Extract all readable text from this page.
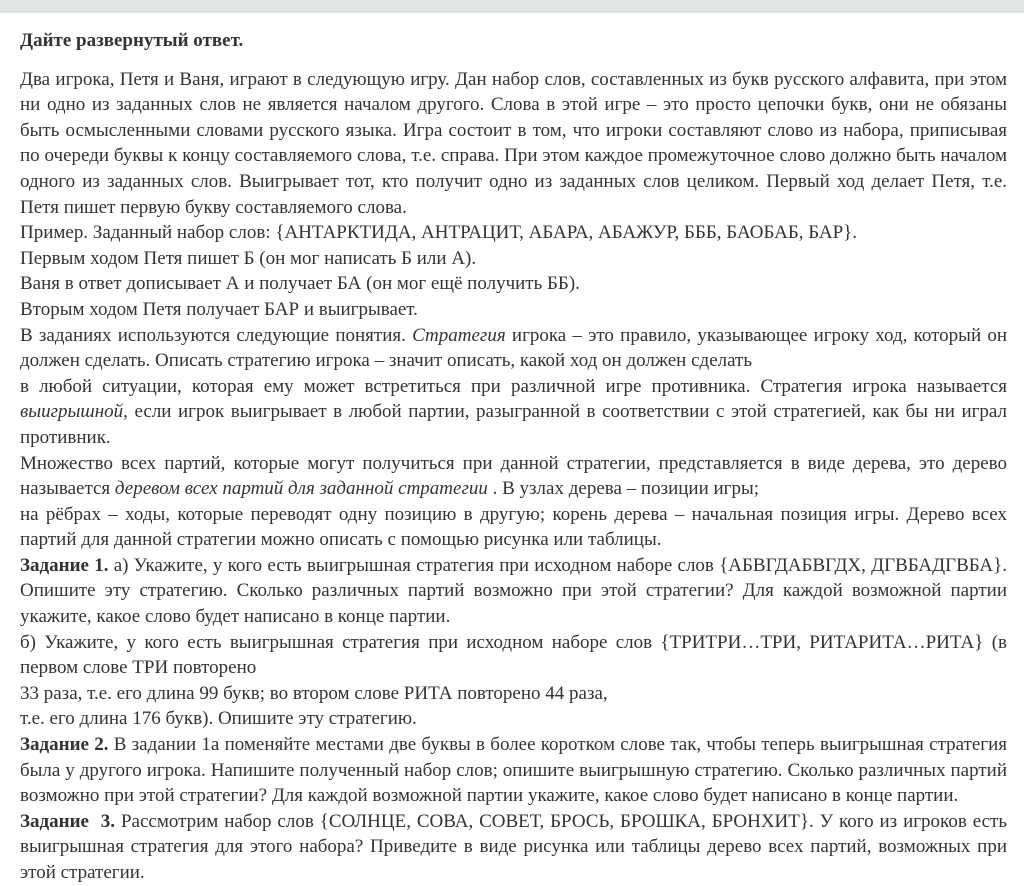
Дайте развернутый ответ.

Два игрока, Петя и Ваня, играют в следующую игру. Дан набор слов, составленных из букв русского алфавита, при этом ни одно из заданных слов не является началом другого. Слова в этой игре – это просто цепочки букв, они не обязаны быть осмысленными словами русского языка. Игра состоит в том, что игроки составляют слово из набора, приписывая по очереди буквы к концу составляемого слова, т.е. справа. При этом каждое промежуточное слово должно быть началом одного из заданных слов. Выигрывает тот, кто получит одно из заданных слов целиком. Первый ход делает Петя, т.е. Петя пишет первую букву составляемого слова.

Пример. Заданный набор слов: {АНТАРКТИДА, АНТРАЦИТ, АБАРА, АБАЖУР, БББ, БАОБАБ, БАР}.

Первым ходом Петя пишет Б (он мог написать Б или А).

Ваня в ответ дописывает А и получает БА (он мог ещё получить ББ).

Вторым ходом Петя получает БАР и выигрывает.

В заданиях используются следующие понятия. Стратегия игрока – это правило, указывающее игроку ход, который он должен сделать. Описать стратегию игрока – значит описать, какой ход он должен сделать
в любой ситуации, которая ему может встретиться при различной игре противника. Стратегия игрока называется выигрышной, если игрок выигрывает в любой партии, разыгранной в соответствии с этой стратегией, как бы ни играл противник.

Множество всех партий, которые могут получиться при данной стратегии, представляется в виде дерева, это дерево называется деревом всех партий для заданной стратегии . В узлах дерева – позиции игры;
на рёбрах – ходы, которые переводят одну позицию в другую; корень дерева – начальная позиция игры. Дерево всех партий для данной стратегии можно описать с помощью рисунка или таблицы.

Задание 1. а) Укажите, у кого есть выигрышная стратегия при исходном наборе слов {АБВГДАБВГДХ, ДГВБАДГВБА}. Опишите эту стратегию. Сколько различных партий возможно при этой стратегии? Для каждой возможной партии укажите, какое слово будет написано в конце партии.

б) Укажите, у кого есть выигрышная стратегия при исходном наборе слов {ТРИТРИ…ТРИ, РИТАРИТА…РИТА} (в первом слове ТРИ повторено
33 раза, т.е. его длина 99 букв; во втором слове РИТА повторено 44 раза,
т.е. его длина 176 букв). Опишите эту стратегию.

Задание 2. В задании 1а поменяйте местами две буквы в более коротком слове так, чтобы теперь выигрышная стратегия была у другого игрока. Напишите полученный набор слов; опишите выигрышную стратегию. Сколько различных партий возможно при этой стратегии? Для каждой возможной партии укажите, какое слово будет написано в конце партии.

Задание  3. Рассмотрим набор слов {СОЛНЦЕ, СОВА, СОВЕТ, БРОСЬ, БРОШКА, БРОНХИТ}. У кого из игроков есть выигрышная стратегия для этого набора? Приведите в виде рисунка или таблицы дерево всех партий, возможных при этой стратегии.
